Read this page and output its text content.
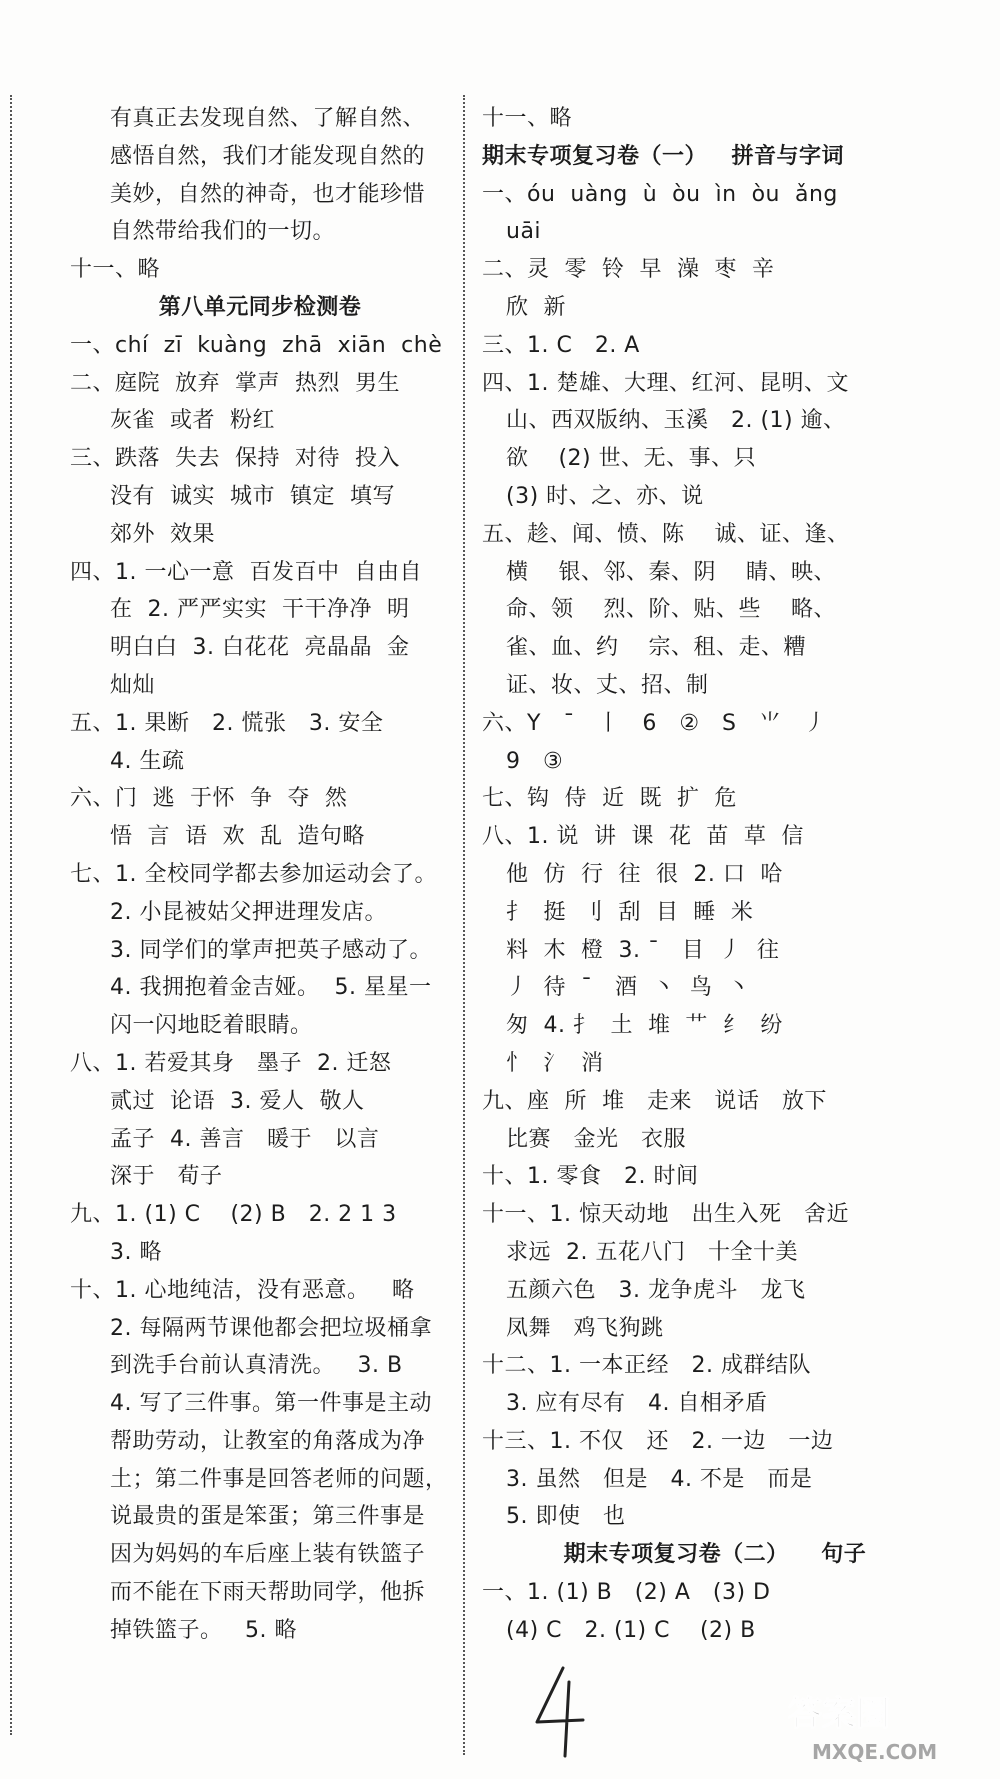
有真正去发现自然、了解自然、
感悟自然，我们才能发现自然的
美妙，自然的神奇，也才能珍惜
自然带给我们的一切。
十一、略
第八单元同步检测卷
一、chí  zī  kuàng  zhā  xiān  chè
二、庭院  放弃  掌声  热烈  男生
灰雀  或者  粉红
三、跌落  失去  保持  对待  投入
没有  诚实  城市  镇定  填写
郊外  效果
四、1. 一心一意  百发百中  自由自
在  2. 严严实实  干干净净  明
明白白  3. 白花花  亮晶晶  金
灿灿
五、1. 果断   2. 慌张   3. 安全
4. 生疏
六、门  逃  于怀  争  夺  然
悟  言  语  欢  乱  造句略
七、1. 全校同学都去参加运动会了。
2. 小昆被姑父押进理发店。
3. 同学们的掌声把英子感动了。
4. 我拥抱着金吉娅。  5. 星星一
闪一闪地眨着眼睛。
八、1. 若爱其身   墨子  2. 迁怒
贰过  论语  3. 爱人  敬人
孟子  4. 善言   暖于   以言
深于   荀子
九、1. (1) C    (2) B   2. 2 1 3
3. 略
十、1. 心地纯洁，没有恶意。   略
2. 每隔两节课他都会把垃圾桶拿
到洗手台前认真清洗。   3. B
4. 写了三件事。第一件事是主动
帮助劳动，让教室的角落成为净
土；第二件事是回答老师的问题，
说最贵的蛋是笨蛋；第三件事是
因为妈妈的车后座上装有铁篮子
而不能在下雨天帮助同学，他拆
掉铁篮子。   5. 略
十一、略
期末专项复习卷（一）   拼音与字词
一、óu  uàng  ù  òu  ìn  òu  ǎng
uāi
二、灵  零  铃  早  澡  枣  辛
欣  新
三、1. C   2. A
四、1. 楚雄、大理、红河、昆明、文
山、西双版纳、玉溪   2. (1) 逾、
欲    (2) 世、无、事、只
(3) 时、之、亦、说
五、趁、闻、愤、陈    诚、证、逢、
横    银、邻、秦、阴    睛、映、
命、领    烈、阶、贴、些    略、
雀、血、约    宗、租、走、糟
证、妆、丈、招、制
六、Y   ¯   丨   6   ②   S   ⺌   丿
9   ③
七、钩  侍  近  既  扩  危
八、1. 说  讲  课  花  苗  草  信
他  仿  行  往  很  2. 口  哈
扌  挺  刂  刮  目  睡  米
料  木  橙  3. ¯   目  丿  往
丿  待  ¯   酒  丶  鸟  丶
匆  4. 扌  土  堆  艹  纟  纷
忄  氵  消
九、座  所  堆   走来   说话   放下
比赛   金光   衣服
十、1. 零食   2. 时间
十一、1. 惊天动地   出生入死   舍近
求远  2. 五花八门   十全十美
五颜六色   3. 龙争虎斗   龙飞
凤舞   鸡飞狗跳
十二、1. 一本正经   2. 成群结队
3. 应有尽有   4. 自相矛盾
十三、1. 不仅   还   2. 一边   一边
3. 虽然   但是   4. 不是   而是
5. 即使   也
期末专项复习卷（二）    句子
一、1. (1) B   (2) A   (3) D
(4) C   2. (1) C    (2) B
答案圈
MXQE.COM
